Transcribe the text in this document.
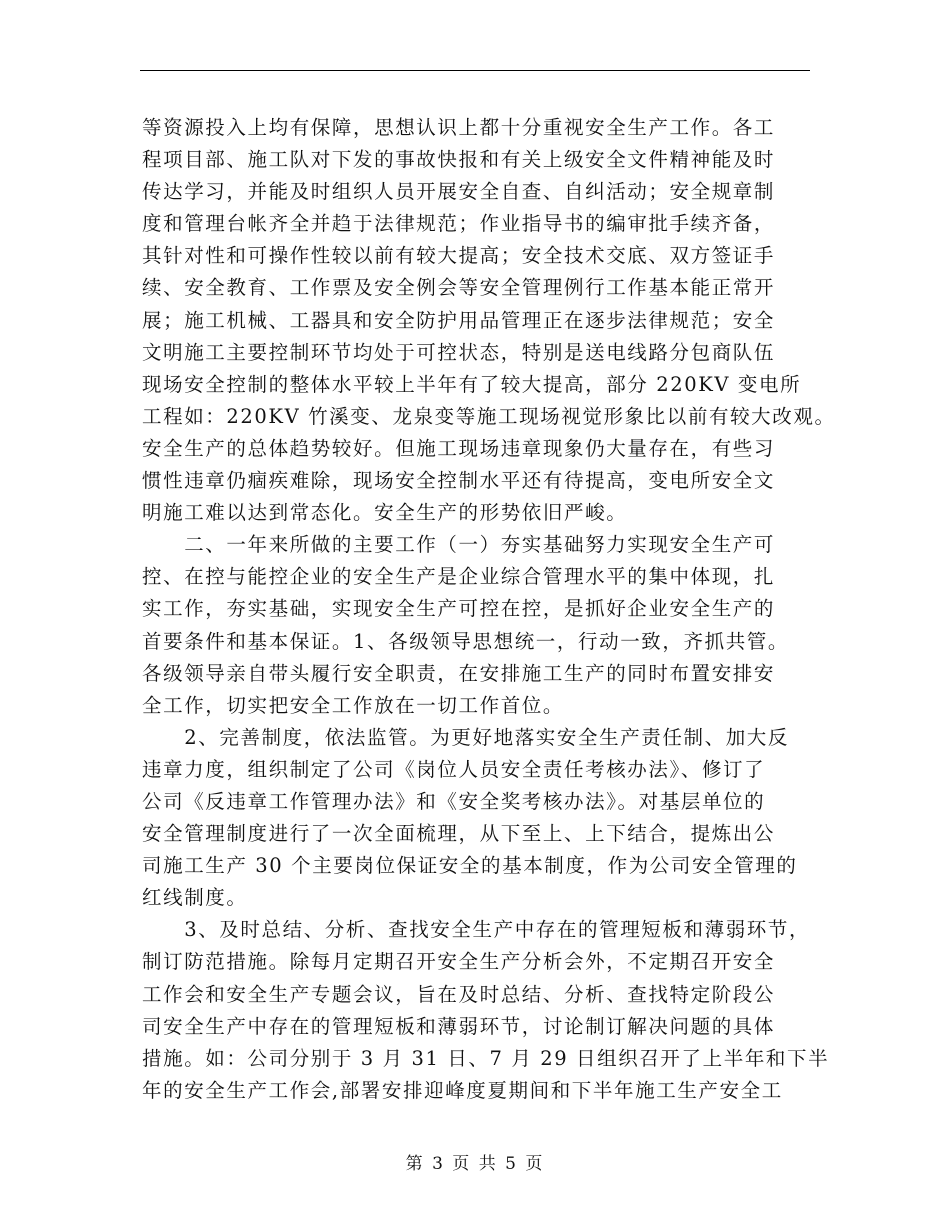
等资源投入上均有保障，思想认识上都十分重视安全生产工作。各工
程项目部、施工队对下发的事故快报和有关上级安全文件精神能及时
传达学习，并能及时组织人员开展安全自查、自纠活动；安全规章制
度和管理台帐齐全并趋于法律规范；作业指导书的编审批手续齐备，
其针对性和可操作性较以前有较大提高；安全技术交底、双方签证手
续、安全教育、工作票及安全例会等安全管理例行工作基本能正常开
展；施工机械、工器具和安全防护用品管理正在逐步法律规范；安全
文明施工主要控制环节均处于可控状态，特别是送电线路分包商队伍
现场安全控制的整体水平较上半年有了较大提高，部分 220KV 变电所
工程如：220KV 竹溪变、龙泉变等施工现场视觉形象比以前有较大改观。
安全生产的总体趋势较好。但施工现场违章现象仍大量存在，有些习
惯性违章仍痼疾难除，现场安全控制水平还有待提高，变电所安全文
明施工难以达到常态化。安全生产的形势依旧严峻。
　　二、一年来所做的主要工作（一）夯实基础努力实现安全生产可
控、在控与能控企业的安全生产是企业综合管理水平的集中体现，扎
实工作，夯实基础，实现安全生产可控在控，是抓好企业安全生产的
首要条件和基本保证。1、各级领导思想统一，行动一致，齐抓共管。
各级领导亲自带头履行安全职责，在安排施工生产的同时布置安排安
全工作，切实把安全工作放在一切工作首位。
　　2、完善制度，依法监管。为更好地落实安全生产责任制、加大反
违章力度，组织制定了公司《岗位人员安全责任考核办法》、修订了
公司《反违章工作管理办法》和《安全奖考核办法》。对基层单位的
安全管理制度进行了一次全面梳理，从下至上、上下结合，提炼出公
司施工生产 30 个主要岗位保证安全的基本制度，作为公司安全管理的
红线制度。
　　3、及时总结、分析、查找安全生产中存在的管理短板和薄弱环节，
制订防范措施。除每月定期召开安全生产分析会外，不定期召开安全
工作会和安全生产专题会议，旨在及时总结、分析、查找特定阶段公
司安全生产中存在的管理短板和薄弱环节，讨论制订解决问题的具体
措施。如：公司分别于 3 月 31 日、7 月 29 日组织召开了上半年和下半
年的安全生产工作会,部署安排迎峰度夏期间和下半年施工生产安全工
第 3 页 共 5 页
